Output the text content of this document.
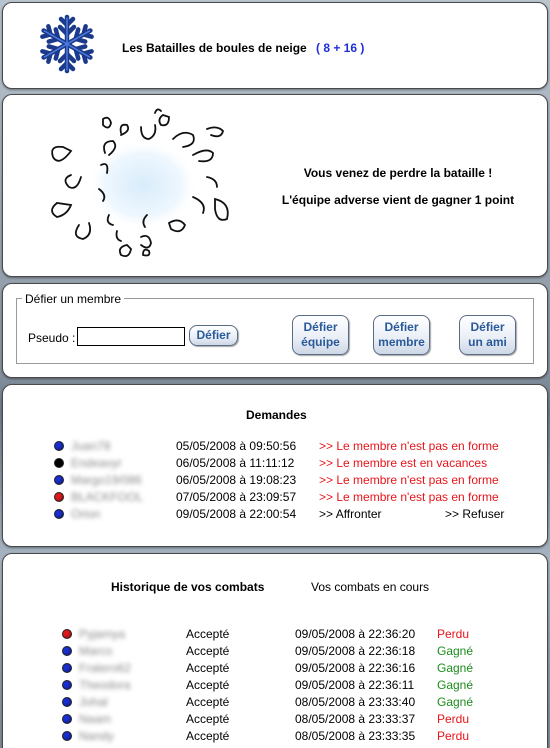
Les Batailles de boules de neige ( 8 + 16 )
Vous venez de perdre la bataille !
L'équipe adverse vient de gagner 1 point
Défier un membre
Pseudo :	Défier
Défier
équipe
Défier
membre
Défier
un ami
Demandes
Juan78	05/05/2008 à 09:50:56 >> Le membre n'est pas en forme
Endeavyr	06/05/2008 à 11:11:12 >> Le membre est en vacances
Margo19/086	06/05/2008 à 19:08:23 >> Le membre n'est pas en forme
BLACKFOOL	07/05/2008 à 23:09:57 >> Le membre n'est pas en forme
Orion	09/05/2008 à 22:00:54 >> Affronter	>> Refuser
Historique de vos combats	Vos combats en cours
Pyjamya	Accepté	09/05/2008 à 22:36:20 Perdu
Marco	Accepté	09/05/2008 à 22:36:18 Gagné
Fratero62	Accepté	09/05/2008 à 22:36:16 Gagné
Theodora	Accepté	09/05/2008 à 22:36:11 Gagné
Johal	Accepté	08/05/2008 à 23:33:40 Gagné
Naam	Accepté	08/05/2008 à 23:33:37 Perdu
Nandy	Accepté	08/05/2008 à 23:33:35 Perdu
